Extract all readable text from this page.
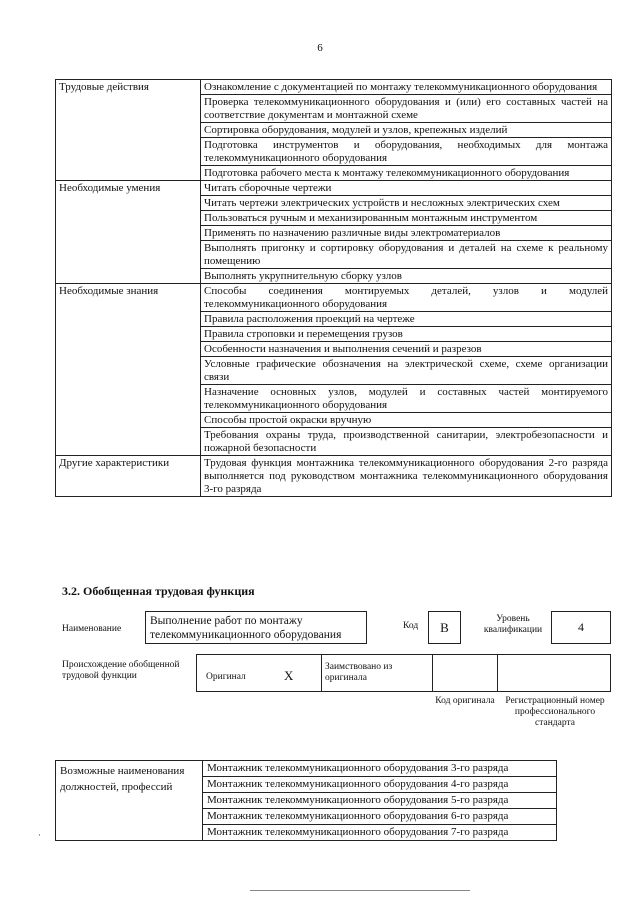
6
Трудовые действия	Ознакомление с документацией по монтажу телекоммуникационного оборудования
	Проверка телекоммуникационного оборудования и (или) его составных частей на соответствие документам и монтажной схеме
	Сортировка оборудования, модулей и узлов, крепежных изделий
	Подготовка инструментов и оборудования, необходимых для монтажа телекоммуникационного оборудования
	Подготовка рабочего места к монтажу телекоммуникационного оборудования
Необходимые умения	Читать сборочные чертежи
	Читать чертежи электрических устройств и несложных электрических схем
	Пользоваться ручным и механизированным монтажным инструментом
	Применять по назначению различные виды электроматериалов
	Выполнять пригонку и сортировку оборудования и деталей на схеме к реальному помещению
	Выполнять укрупнительную сборку узлов
Необходимые знания	Способы соединения монтируемых деталей, узлов и модулей телекоммуникационного оборудования
	Правила расположения проекций на чертеже
	Правила строповки и перемещения грузов
	Особенности назначения и выполнения сечений и разрезов
	Условные графические обозначения на электрической схеме, схеме организации связи
	Назначение основных узлов, модулей и составных частей монтируемого телекоммуникационного оборудования
	Способы простой окраски вручную
	Требования охраны труда, производственной санитарии, электробезопасности и пожарной безопасности
Другие характеристики	Трудовая функция монтажника телекоммуникационного оборудования 2-го разряда выполняется под руководством монтажника телекоммуникационного оборудования 3-го разряда
3.2. Обобщенная трудовая функция
Наименование
Выполнение работ по монтажу телекоммуникационного оборудования
Код B
Уровень квалификации	4
Происхождение обобщенной трудовой функции	Оригинал	X
Заимствовано из оригинала
Код оригинала	Регистрационный номер профессионального стандарта
Возможные наименования должностей, профессий	
Монтажник телекоммуникационного оборудования 3-го разряда
Монтажник телекоммуникационного оборудования 4-го разряда
Монтажник телекоммуникационного оборудования 5-го разряда
Монтажник телекоммуникационного оборудования 6-го разряда
Монтажник телекоммуникационного оборудования 7-го разряда
·
